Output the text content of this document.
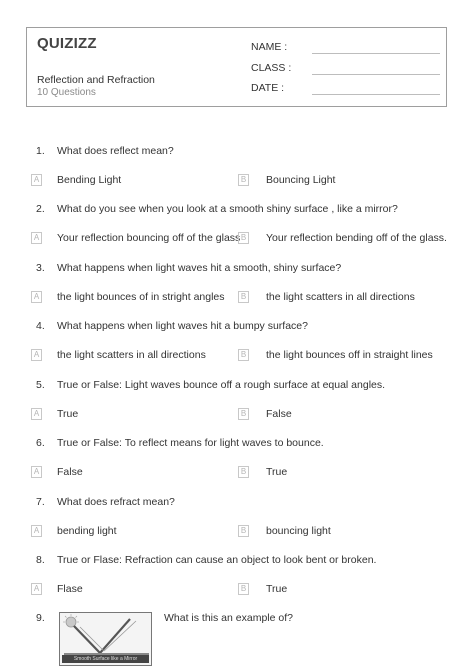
QUIZIZZ
Reflection and Refraction
10 Questions
NAME :
CLASS :
DATE :
1. What does reflect mean?
A Bending Light	B Bouncing Light
2. What do you see when you look at a smooth shiny surface , like a mirror?
A Your reflection bouncing off of the glass B Your reflection bending off of the glass.
3. What happens when light waves hit a smooth, shiny surface?
A the light bounces of in stright angles	B the light scatters in all directions
4. What happens when light waves hit a bumpy surface?
A the light scatters in all directions	B the light bounces off in straight lines
5. True or False: Light waves bounce off a rough surface at equal angles.
A True	B False
6. True or False: To reflect means for light waves to bounce.
A False	B True
7. What does refract mean?
A bending light	B bouncing light
8. True or Flase: Refraction can cause an object to look bent or broken.
A Flase	B True
9.
Smooth Surface like a Mirror
What is this an example of?
